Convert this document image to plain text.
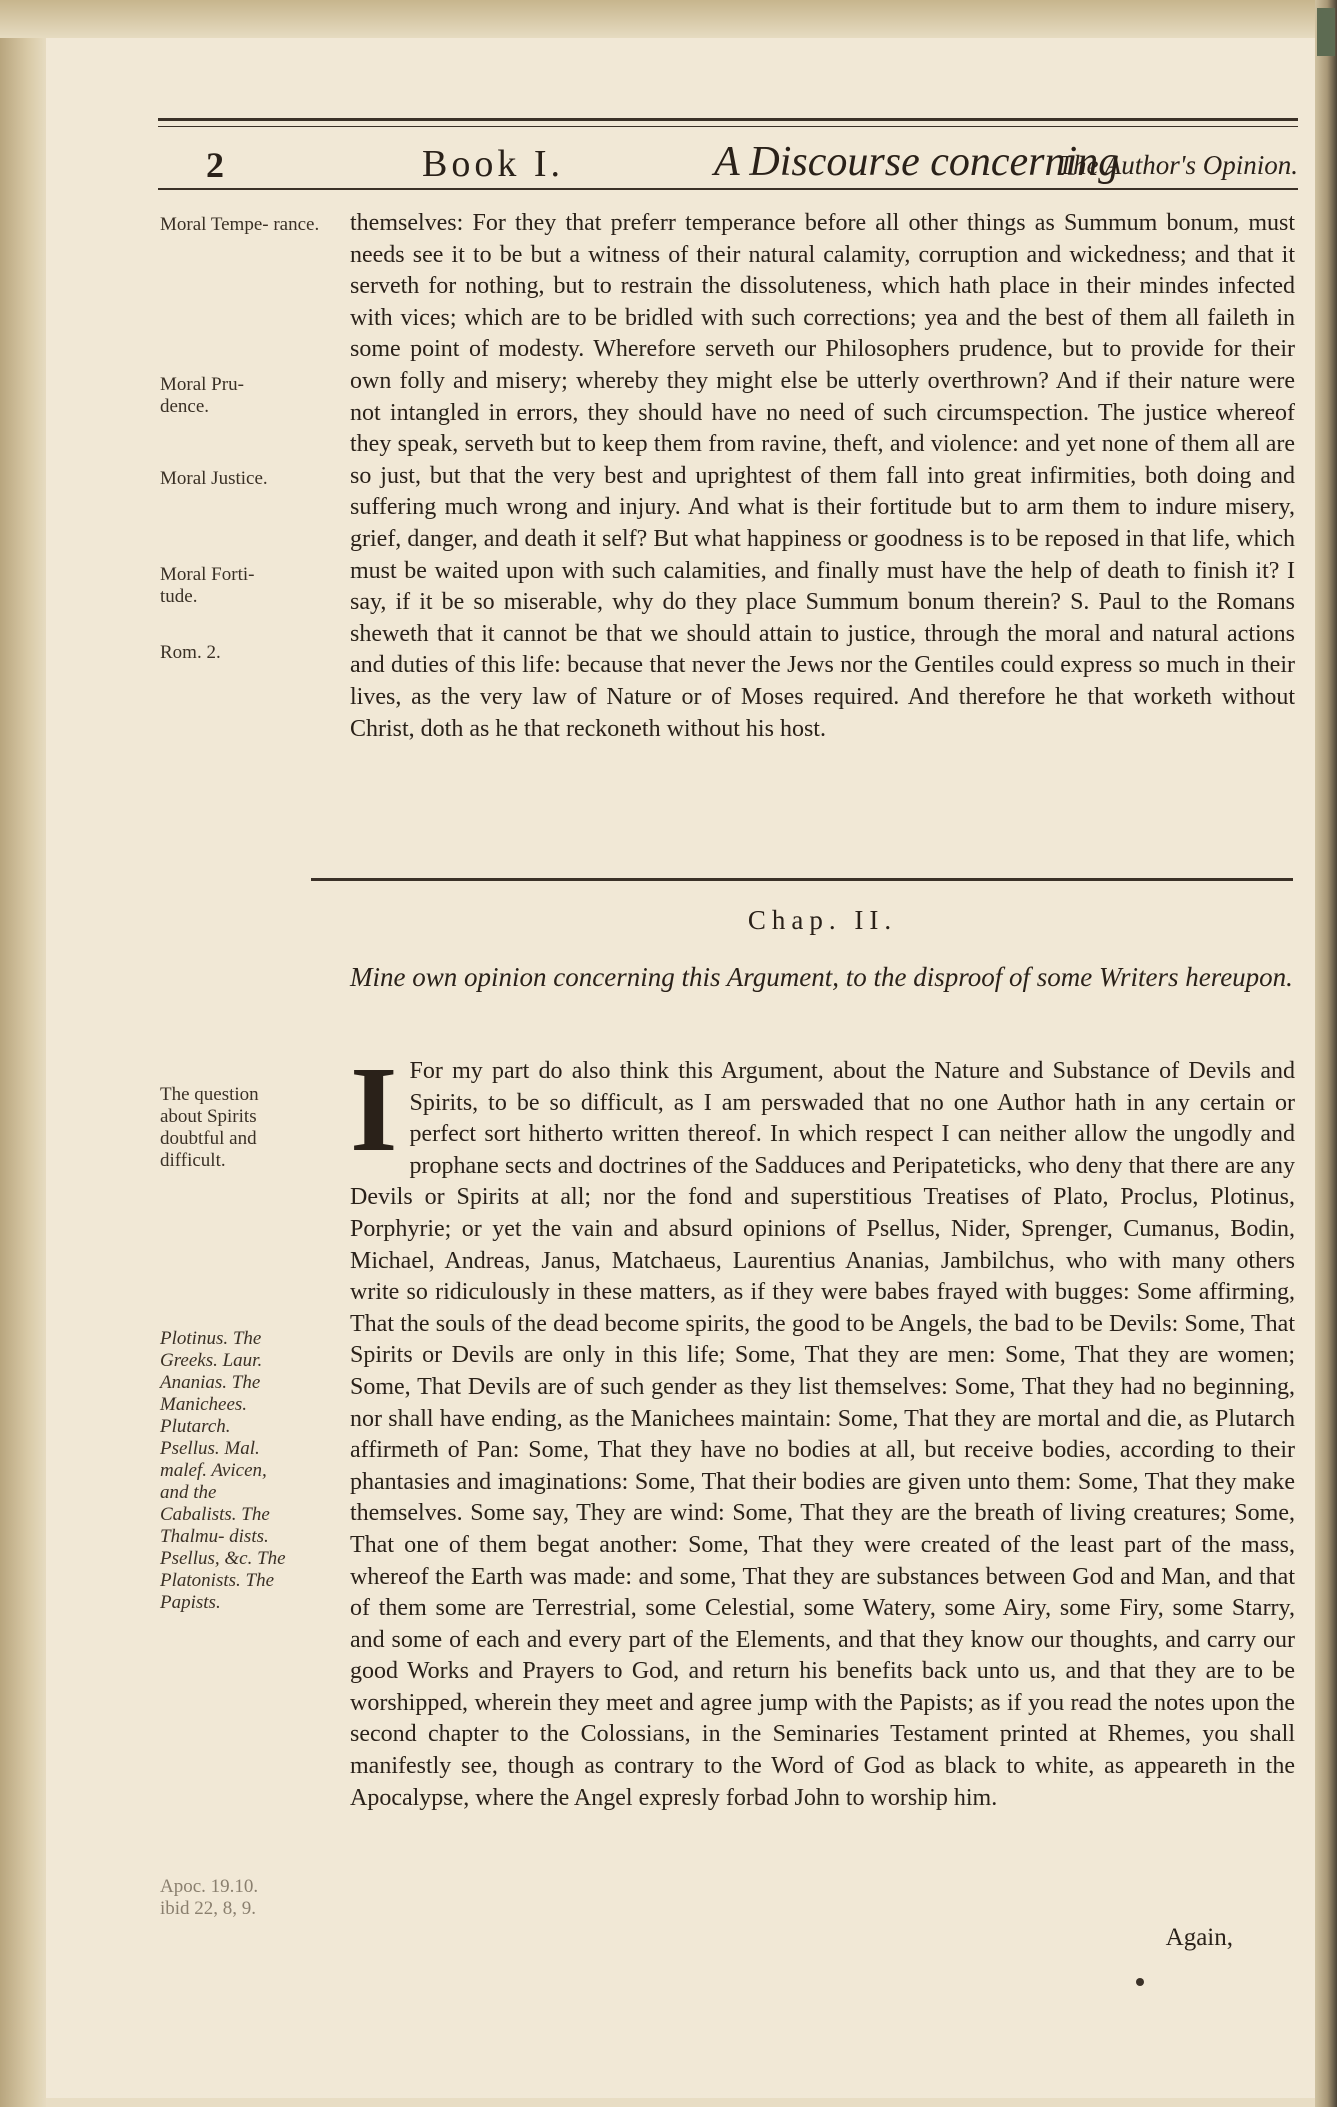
2	Book I.	A Discourse concerning
The Author's Opinion.
Moral Tempe- rance.
Moral Pru- dence.
Moral Justice.
Moral Forti- tude.
Rom. 2.

themselves: For they that preferr temperance before all other things as Summum bonum, must needs see it to be but a witness of their natural calamity, corruption and wickedness; and that it serveth for nothing, but to restrain the dissoluteness, which hath place in their mindes infected with vices; which are to be bridled with such corrections; yea and the best of them all faileth in some point of modesty. Wherefore serveth our Philosophers prudence, but to provide for their own folly and misery; whereby they might else be utterly overthrown? And if their nature were not intangled in errors, they should have no need of such circumspection. The justice whereof they speak, serveth but to keep them from ravine, theft, and violence: and yet none of them all are so just, but that the very best and uprightest of them fall into great infirmities, both doing and suffering much wrong and injury. And what is their fortitude but to arm them to indure misery, grief, danger, and death it self? But what happiness or goodness is to be reposed in that life, which must be waited upon with such calamities, and finally must have the help of death to finish it? I say, if it be so miserable, why do they place Summum bonum therein? S. Paul to the Romans sheweth that it cannot be that we should attain to justice, through the moral and natural actions and duties of this life: because that never the Jews nor the Gentiles could express so much in their lives, as the very law of Nature or of Moses required. And therefore he that worketh without Christ, doth as he that reckoneth without his host.

Chap. II.
Mine own opinion concerning this Argument, to the disproof of some Writers hereupon.
The question about Spirits doubtful and difficult.
Plotinus. The Greeks. Laur. Ananias. The Manichees. Plutarch. Psellus. Mal. malef. Avicen, and the Cabalists. The Thalmu- dists. Psellus, &c. The Platonists. The Papists.
Apoc. 19.10. ibid 22, 8, 9.
I For my part do also think this Argument, about the Nature and Substance of Devils and Spirits, to be so difficult, as I am perswaded that no one Author hath in any certain or perfect sort hitherto written thereof. In which respect I can neither allow the ungodly and prophane sects and doctrines of the Sadduces and Peripateticks, who deny that there are any Devils or Spirits at all; nor the fond and superstitious Treatises of Plato, Proclus, Plotinus, Porphyrie; or yet the vain and absurd opinions of Psellus, Nider, Sprenger, Cumanus, Bodin, Michael, Andreas, Janus, Matchaeus, Laurentius Ananias, Jambilchus, who with many others write so ridiculously in these matters, as if they were babes frayed with bugges: Some affirming, That the souls of the dead become spirits, the good to be Angels, the bad to be Devils: Some, That Spirits or Devils are only in this life; Some, That they are men: Some, That they are women; Some, That Devils are of such gender as they list themselves: Some, That they had no beginning, nor shall have ending, as the Manichees maintain: Some, That they are mortal and die, as Plutarch affirmeth of Pan: Some, That they have no bodies at all, but receive bodies, according to their phantasies and imaginations: Some, That their bodies are given unto them: Some, That they make themselves. Some say, They are wind: Some, That they are the breath of living creatures; Some, That one of them begat another: Some, That they were created of the least part of the mass, whereof the Earth was made: and some, That they are substances between God and Man, and that of them some are Terrestrial, some Celestial, some Watery, some Airy, some Firy, some Starry, and some of each and every part of the Elements, and that they know our thoughts, and carry our good Works and Prayers to God, and return his benefits back unto us, and that they are to be worshipped, wherein they meet and agree jump with the Papists; as if you read the notes upon the second chapter to the Colossians, in the Seminaries Testament printed at Rhemes, you shall manifestly see, though as contrary to the Word of God as black to white, as appeareth in the Apocalypse, where the Angel expresly forbad John to worship him.

Again,
